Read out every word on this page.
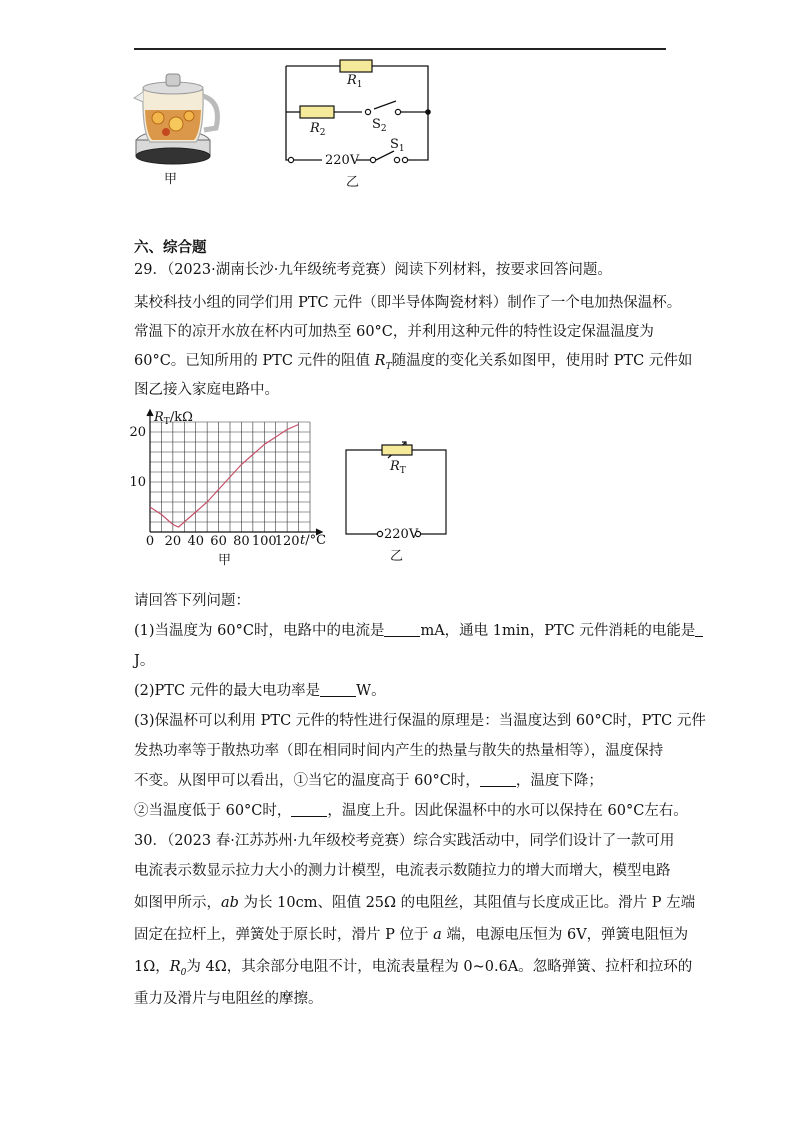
甲
$R_1$
$R_2$
$S_2$
$S_1$
220V
乙
六、综合题
29．（2023·湖南长沙·九年级统考竞赛）阅读下列材料，按要求回答问题。
某校科技小组的同学们用 PTC 元件（即半导体陶瓷材料）制作了一个电加热保温杯。
常温下的凉开水放在杯内可加热至 60°C，并利用这种元件的特性设定保温温度为
60°C。已知所用的 PTC 元件的阻值 $R_T$随温度的变化关系如图甲，使用时 PTC 元件如
图乙接入家庭电路中。
0 20 40 60 80 100
120
10
20
$R_T/k\Omega$
t/°C
甲
$R_T$
220V
乙
请回答下列问题：
(1)当温度为 60°C时，电路中的电流是 mA，通电 1min，PTC 元件消耗的电能是
J。
(2)PTC 元件的最大电功率是 W。
(3)保温杯可以利用 PTC 元件的特性进行保温的原理是：当温度达到 60°C时，PTC 元件
发热功率等于散热功率（即在相同时间内产生的热量与散失的热量相等），温度保持
不变。从图甲可以看出，①当它的温度高于 60°C时， ，温度下降；
②当温度低于 60°C时， ，温度上升。因此保温杯中的水可以保持在 60°C左右。
30．（2023 春·江苏苏州·九年级校考竞赛）综合实践活动中，同学们设计了一款可用
电流表示数显示拉力大小的测力计模型，电流表示数随拉力的增大而增大，模型电路
如图甲所示，ab 为长 10cm、阻值 25Ω 的电阻丝，其阻值与长度成正比。滑片 P 左端
固定在拉杆上，弹簧处于原长时，滑片 P 位于 a 端，电源电压恒为 6V，弹簧电阻恒为
1Ω，$R_0$为 4Ω，其余部分电阻不计，电流表量程为 0~0.6A。忽略弹簧、拉杆和拉环的
重力及滑片与电阻丝的摩擦。
